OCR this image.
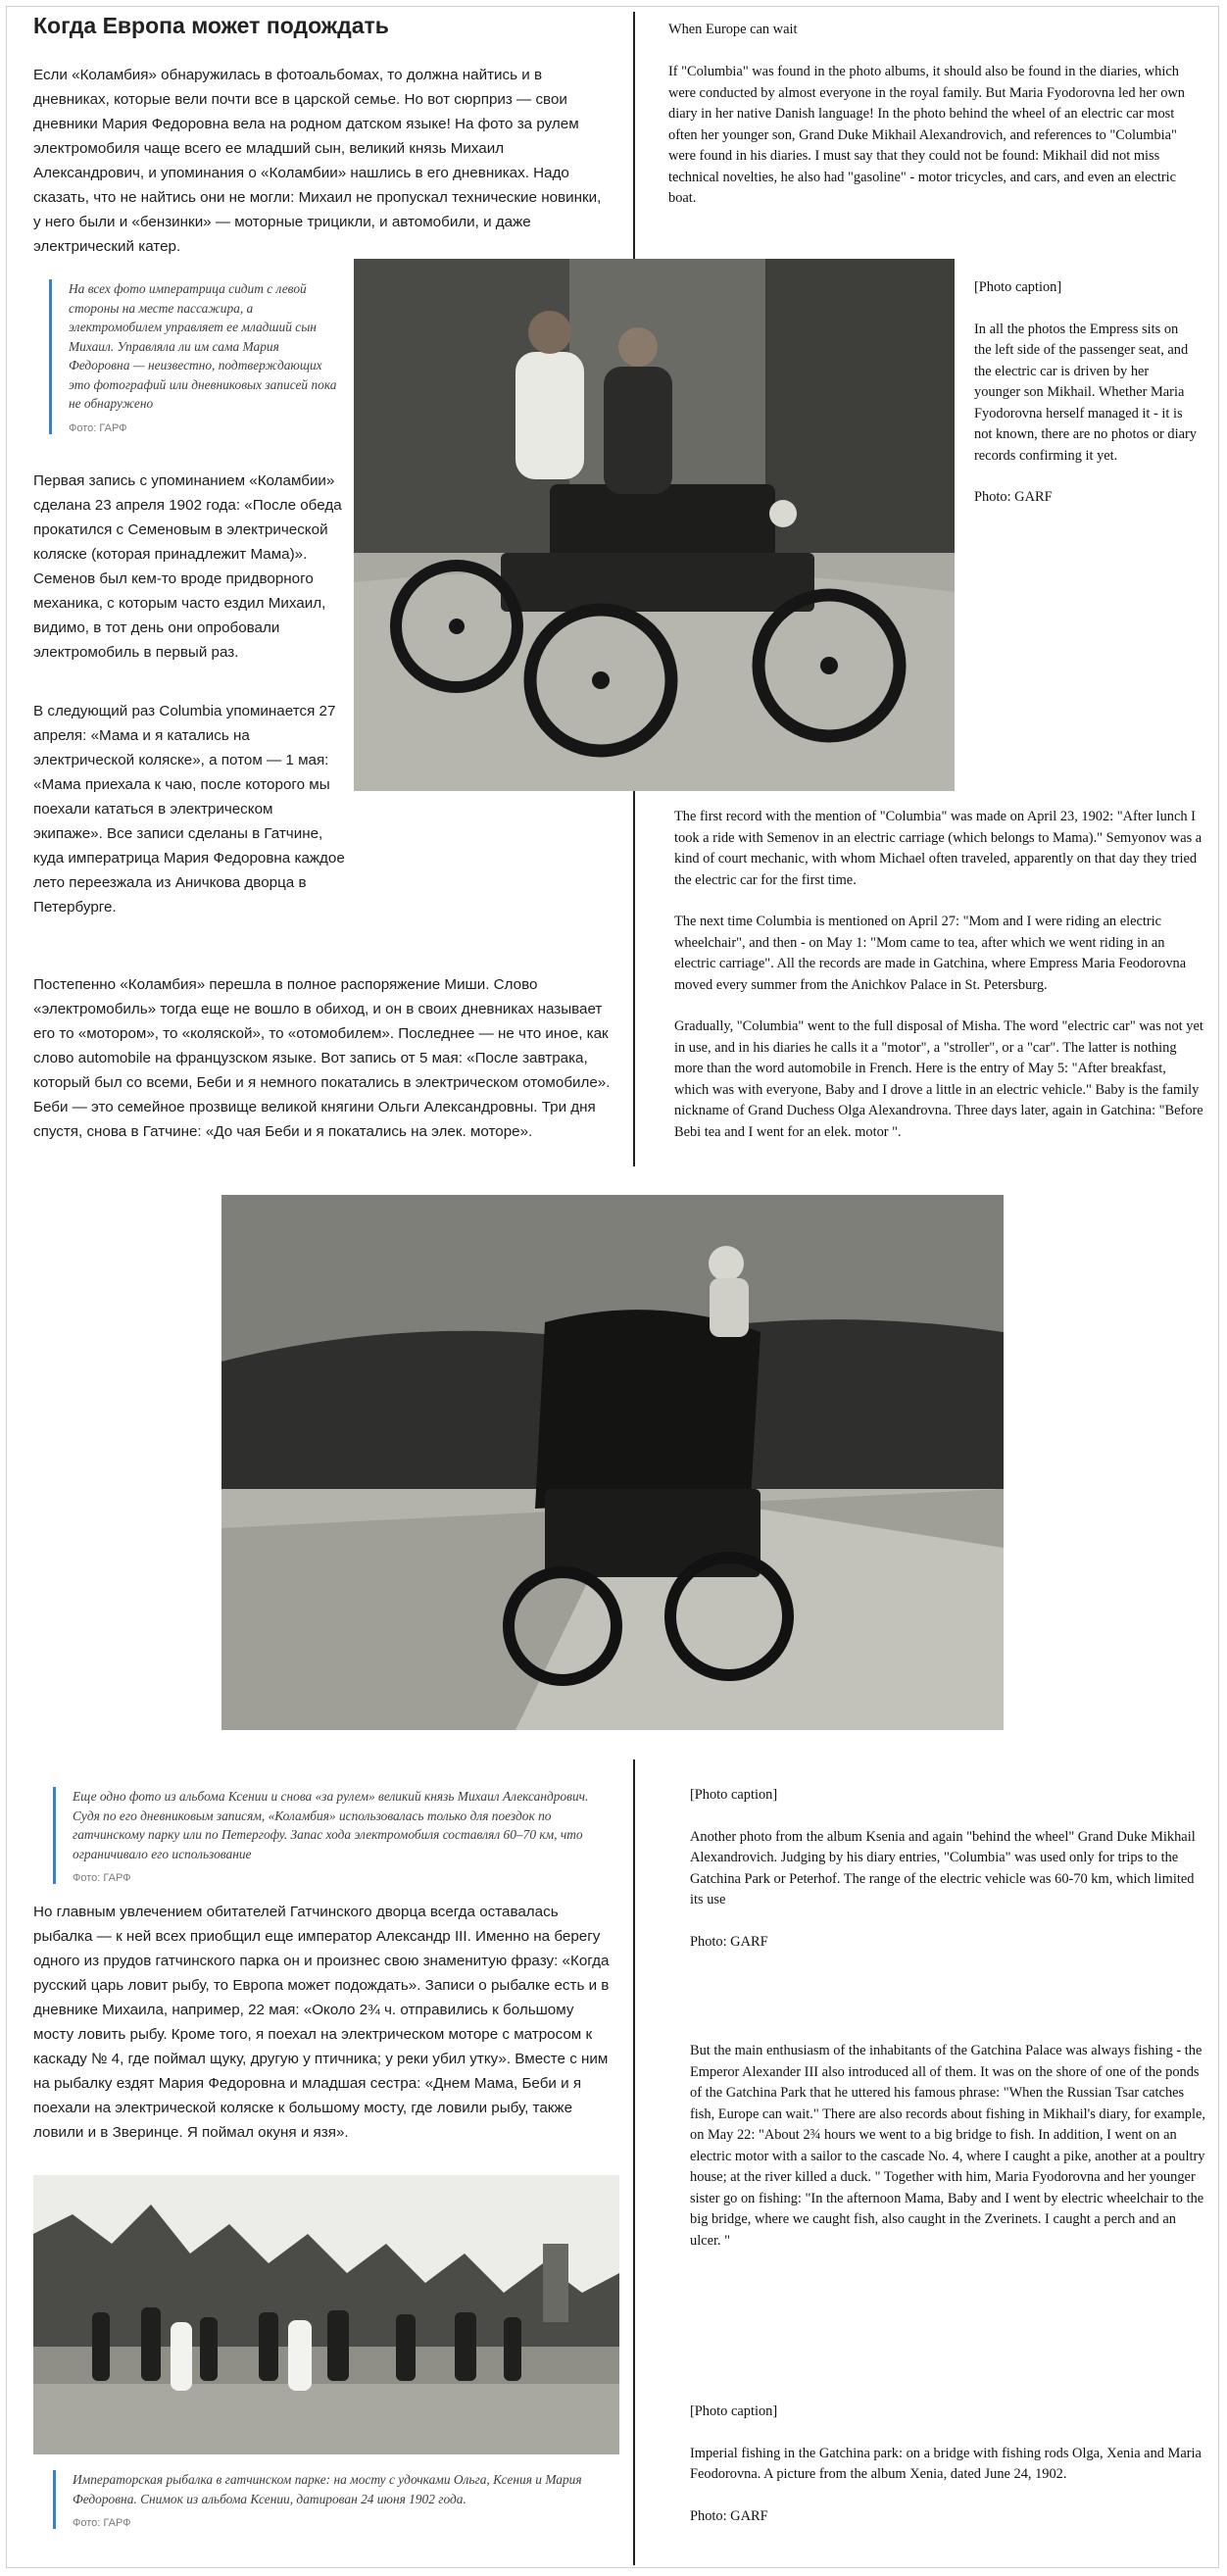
Когда Европа может подождать

Если «Коламбия» обнаружилась в фотоальбомах, то должна найтись и в дневниках, которые вели почти все в царской семье. Но вот сюрприз — свои дневники Мария Федоровна вела на родном датском языке! На фото за рулем электромобиля чаще всего ее младший сын, великий князь Михаил Александрович, и упоминания о «Коламбии» нашлись в его дневниках. Надо сказать, что не найтись они не могли: Михаил не пропускал технические новинки, у него были и «бензинки» — моторные трицикли, и автомобили, и даже электрический катер.

На всех фото императрица сидит с левой стороны на месте пассажира, а электромобилем управляет ее младший сын Михаил. Управляла ли им сама Мария Федоровна — неизвестно, подтверждающих это фотографий или дневниковых записей пока не обнаружено

Фото: ГАРФ

Первая запись с упоминанием «Коламбии» сделана 23 апреля 1902 года: «После обеда прокатился с Семеновым в электрической коляске (которая принадлежит Мама)». Семенов был кем-то вроде придворного механика, с которым часто ездил Михаил, видимо, в тот день они опробовали электромобиль в первый раз.

В следующий раз Columbia упоминается 27 апреля: «Мама и я катались на электрической коляске», а потом — 1 мая: «Мама приехала к чаю, после которого мы поехали кататься в электрическом экипаже». Все записи сделаны в Гатчине, куда императрица Мария Федоровна каждое лето переезжала из Аничкова дворца в Петербурге.

Постепенно «Коламбия» перешла в полное распоряжение Миши. Слово «электромобиль» тогда еще не вошло в обиход, и он в своих дневниках называет его то «мотором», то «коляской», то «отомобилем». Последнее — не что иное, как слово automobile на французском языке. Вот запись от 5 мая: «После завтрака, который был со всеми, Беби и я немного покатались в электрическом отомобиле». Беби — это семейное прозвище великой княгини Ольги Александровны. Три дня спустя, снова в Гатчине: «До чая Беби и я покатались на элек. моторе».

When Europe can wait

If "Columbia" was found in the photo albums, it should also be found in the diaries, which were conducted by almost everyone in the royal family. But Maria Fyodorovna led her own diary in her native Danish language! In the photo behind the wheel of an electric car most often her younger son, Grand Duke Mikhail Alexandrovich, and references to "Columbia" were found in his diaries. I must say that they could not be found: Mikhail did not miss technical novelties, he also had "gasoline" - motor tricycles, and cars, and even an electric boat.

[Photo caption]

In all the photos the Empress sits on the left side of the passenger seat, and the electric car is driven by her younger son Mikhail. Whether Maria Fyodorovna herself managed it - it is not known, there are no photos or diary records confirming it yet.

Photo: GARF

The first record with the mention of "Columbia" was made on April 23, 1902: "After lunch I took a ride with Semenov in an electric carriage (which belongs to Mama)." Semyonov was a kind of court mechanic, with whom Michael often traveled, apparently on that day they tried the electric car for the first time.

The next time Columbia is mentioned on April 27: "Mom and I were riding an electric wheelchair", and then - on May 1: "Mom came to tea, after which we went riding in an electric carriage". All the records are made in Gatchina, where Empress Maria Feodorovna moved every summer from the Anichkov Palace in St. Petersburg.

Gradually, "Columbia" went to the full disposal of Misha. The word "electric car" was not yet in use, and in his diaries he calls it a "motor", a "stroller", or a "car". The latter is nothing more than the word automobile in French. Here is the entry of May 5: "After breakfast, which was with everyone, Baby and I drove a little in an electric vehicle." Baby is the family nickname of Grand Duchess Olga Alexandrovna. Three days later, again in Gatchina: "Before Bebi tea and I went for an elek. motor ".

Еще одно фото из альбома Ксении и снова «за рулем» великий князь Михаил Александрович. Судя по его дневниковым записям, «Коламбия» использовалась только для поездок по гатчинскому парку или по Петергофу. Запас хода электромобиля составлял 60–70 км, что ограничивало его использование

Фото: ГАРФ

Но главным увлечением обитателей Гатчинского дворца всегда оставалась рыбалка — к ней всех приобщил еще император Александр III. Именно на берегу одного из прудов гатчинского парка он и произнес свою знаменитую фразу: «Когда русский царь ловит рыбу, то Европа может подождать». Записи о рыбалке есть и в дневнике Михаила, например, 22 мая: «Около 2¾ ч. отправились к большому мосту ловить рыбу. Кроме того, я поехал на электрическом моторе с матросом к каскаду № 4, где поймал щуку, другую у птичника; у реки убил утку». Вместе с ним на рыбалку ездят Мария Федоровна и младшая сестра: «Днем Мама, Беби и я поехали на электрической коляске к большому мосту, где ловили рыбу, также ловили и в Зверинце. Я поймал окуня и язя».

Императорская рыбалка в гатчинском парке: на мосту с удочками Ольга, Ксения и Мария Федоровна. Снимок из альбома Ксении, датирован 24 июня 1902 года.

Фото: ГАРФ

[Photo caption]

Another photo from the album Ksenia and again "behind the wheel" Grand Duke Mikhail Alexandrovich. Judging by his diary entries, "Columbia" was used only for trips to the Gatchina Park or Peterhof. The range of the electric vehicle was 60-70 km, which limited its use

Photo: GARF

But the main enthusiasm of the inhabitants of the Gatchina Palace was always fishing - the Emperor Alexander III also introduced all of them. It was on the shore of one of the ponds of the Gatchina Park that he uttered his famous phrase: "When the Russian Tsar catches fish, Europe can wait." There are also records about fishing in Mikhail's diary, for example, on May 22: "About 2¾ hours we went to a big bridge to fish. In addition, I went on an electric motor with a sailor to the cascade No. 4, where I caught a pike, another at a poultry house; at the river killed a duck. " Together with him, Maria Fyodorovna and her younger sister go on fishing: "In the afternoon Mama, Baby and I went by electric wheelchair to the big bridge, where we caught fish, also caught in the Zverinets. I caught a perch and an ulcer. "

[Photo caption]

Imperial fishing in the Gatchina park: on a bridge with fishing rods Olga, Xenia and Maria Feodorovna. A picture from the album Xenia, dated June 24, 1902.

Photo: GARF
